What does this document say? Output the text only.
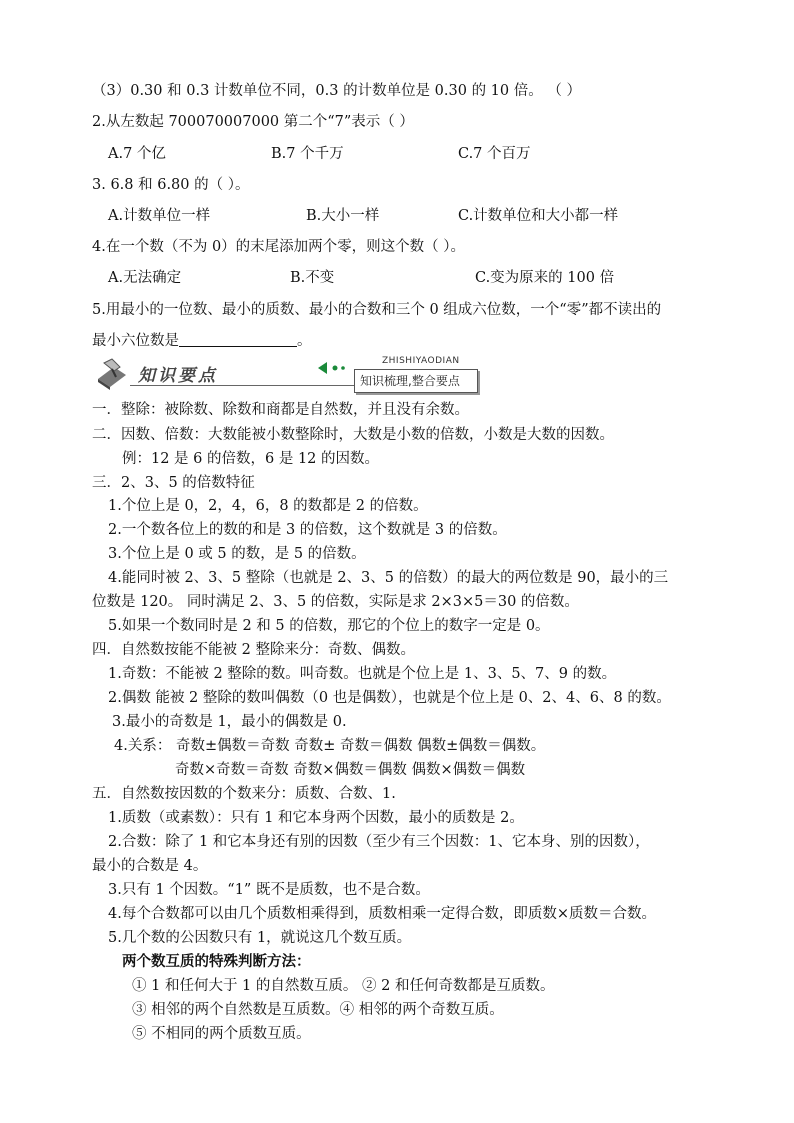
（3）0.30 和 0.3 计数单位不同，0.3 的计数单位是 0.30 的 10 倍。 （ ）
2.从左数起 700070007000 第二个“7”表示（ ）
A.7 个亿	B.7 个千万	C.7 个百万
3. 6.8 和 6.80 的（ ）。
A.计数单位一样	B.大小一样	C.计数单位和大小都一样
4.在一个数（不为 0）的末尾添加两个零，则这个数（ ）。
A.无法确定	B.不变	C.变为原来的 100 倍
5.用最小的一位数、最小的质数、最小的合数和三个 0 组成六位数，一个“零”都不读出的
最小六位数是	。
知识要点
ZHISHIYAODIAN
知识梳理,整合要点
一．整除：被除数、除数和商都是自然数，并且没有余数。
二．因数、倍数：大数能被小数整除时，大数是小数的倍数，小数是大数的因数。
例：12 是 6 的倍数，6 是 12 的因数。
三．2、3、5 的倍数特征
1.个位上是 0，2，4，6，8 的数都是 2 的倍数。
2.一个数各位上的数的和是 3 的倍数，这个数就是 3 的倍数。
3.个位上是 0 或 5 的数，是 5 的倍数。
4.能同时被 2、3、5 整除（也就是 2、3、5 的倍数）的最大的两位数是 90，最小的三
位数是 120。 同时满足 2、3、5 的倍数，实际是求 2×3×5＝30 的倍数。
5.如果一个数同时是 2 和 5 的倍数，那它的个位上的数字一定是 0。
四．自然数按能不能被 2 整除来分：奇数、偶数。
1.奇数：不能被 2 整除的数。叫奇数。也就是个位上是 1、3、5、7、9 的数。
2.偶数 能被 2 整除的数叫偶数（0 也是偶数），也就是个位上是 0、2、4、6、8 的数。
3.最小的奇数是 1，最小的偶数是 0.
4.关系： 奇数±偶数＝奇数 奇数± 奇数＝偶数 偶数±偶数＝偶数。
奇数×奇数＝奇数 奇数×偶数＝偶数 偶数×偶数＝偶数
五．自然数按因数的个数来分：质数、合数、1.
1.质数（或素数）：只有 1 和它本身两个因数，最小的质数是 2。
2.合数：除了 1 和它本身还有别的因数（至少有三个因数：1、它本身、别的因数），
最小的合数是 4。
3.只有 1 个因数。“1” 既不是质数，也不是合数。
4.每个合数都可以由几个质数相乘得到，质数相乘一定得合数，即质数×质数＝合数。
5.几个数的公因数只有 1，就说这几个数互质。
两个数互质的特殊判断方法：
① 1 和任何大于 1 的自然数互质。 ② 2 和任何奇数都是互质数。
③ 相邻的两个自然数是互质数。④ 相邻的两个奇数互质。
⑤ 不相同的两个质数互质。
